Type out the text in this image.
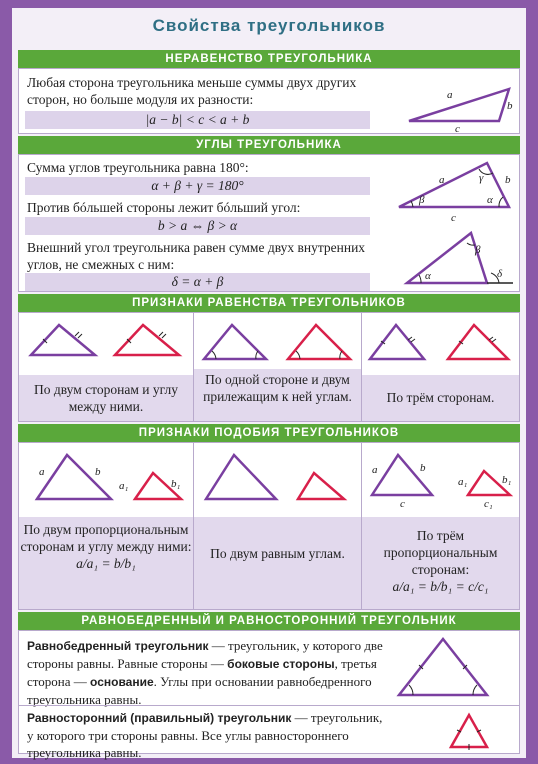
Свойства треугольников
НЕРАВЕНСТВО ТРЕУГОЛЬНИКА
Любая сторона треугольника меньше суммы двух других сторон, но больше модуля их разности:
|a − b| < c < a + b
a
b
c
УГЛЫ ТРЕУГОЛЬНИКА
Сумма углов треугольника равна 180°:
α + β + γ = 180°
Против бóльшей стороны лежит бóльший угол:
b > a ⇔ β > α
Внешний угол треугольника равен сумме двух внутренних углов, не смежных с ним:
δ = α + β
a	b
c
β	α
γ
α
β
δ
ПРИЗНАКИ РАВЕНСТВА ТРЕУГОЛЬНИКОВ
По двум сторонам и углу между ними.
По одной стороне и двум прилежащим к ней углам.	По трём сторонам.
ПРИЗНАКИ ПОДОБИЯ ТРЕУГОЛЬНИКОВ
a	b
a₁	b₁
По двум пропорциональным сторонам и углу между ними:
a/a₁ = b/b₁
По двум равным углам.
a	b
c
a₁	b₁
c₁
По трём пропорциональным сторонам:
a/a₁ = b/b₁ = c/c₁
РАВНОБЕДРЕННЫЙ И РАВНОСТОРОННИЙ ТРЕУГОЛЬНИК
Равнобедренный треугольник — треугольник, у которого две стороны равны. Равные стороны — боковые стороны, третья сторона — основание. Углы при основании равнобедренного треугольника равны.
Равносторонний (правильный) треугольник — треугольник, у которого три стороны равны. Все углы равностороннего треугольника равны.
